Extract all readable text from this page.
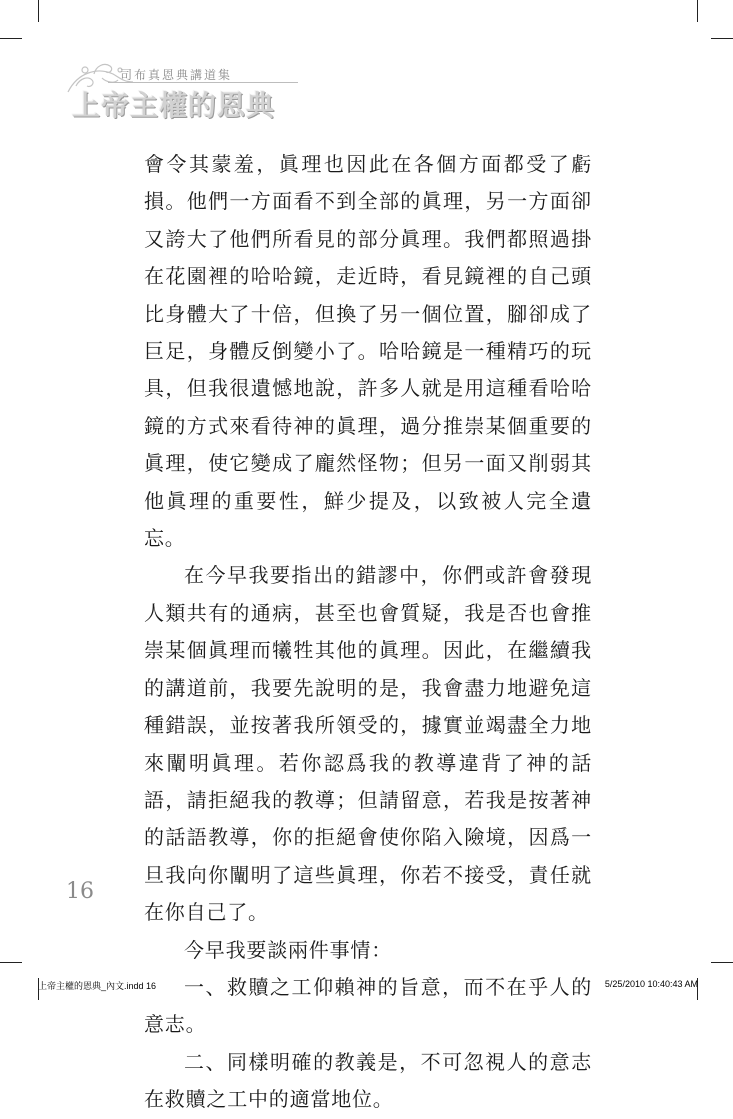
司布真恩典講道集
上帝主權的恩典

會令其蒙羞，眞理也因此在各個方面都受了虧損。他們一方面看不到全部的眞理，另一方面卻又誇大了他們所看見的部分眞理。我們都照過掛在花園裡的哈哈鏡，走近時，看見鏡裡的自己頭比身體大了十倍，但換了另一個位置，腳卻成了巨足，身體反倒變小了。哈哈鏡是一種精巧的玩具，但我很遺憾地說，許多人就是用這種看哈哈鏡的方式來看待神的眞理，過分推崇某個重要的眞理，使它變成了龐然怪物；但另一面又削弱其他眞理的重要性，鮮少提及，以致被人完全遺忘。

在今早我要指出的錯謬中，你們或許會發現人類共有的通病，甚至也會質疑，我是否也會推崇某個眞理而犧牲其他的眞理。因此，在繼續我的講道前，我要先說明的是，我會盡力地避免這種錯誤，並按著我所領受的，據實並竭盡全力地來闡明眞理。若你認爲我的教導違背了神的話語，請拒絕我的教導；但請留意，若我是按著神的話語教導，你的拒絕會使你陷入險境，因爲一旦我向你闡明了這些眞理，你若不接受，責任就在你自己了。

今早我要談兩件事情：

一、救贖之工仰賴神的旨意，而不在乎人的意志。

二、同樣明確的教義是，不可忽視人的意志在救贖之工中的適當地位。

16
上帝主權的恩典_內文.indd 16	5/25/2010 10:40:43 AM
